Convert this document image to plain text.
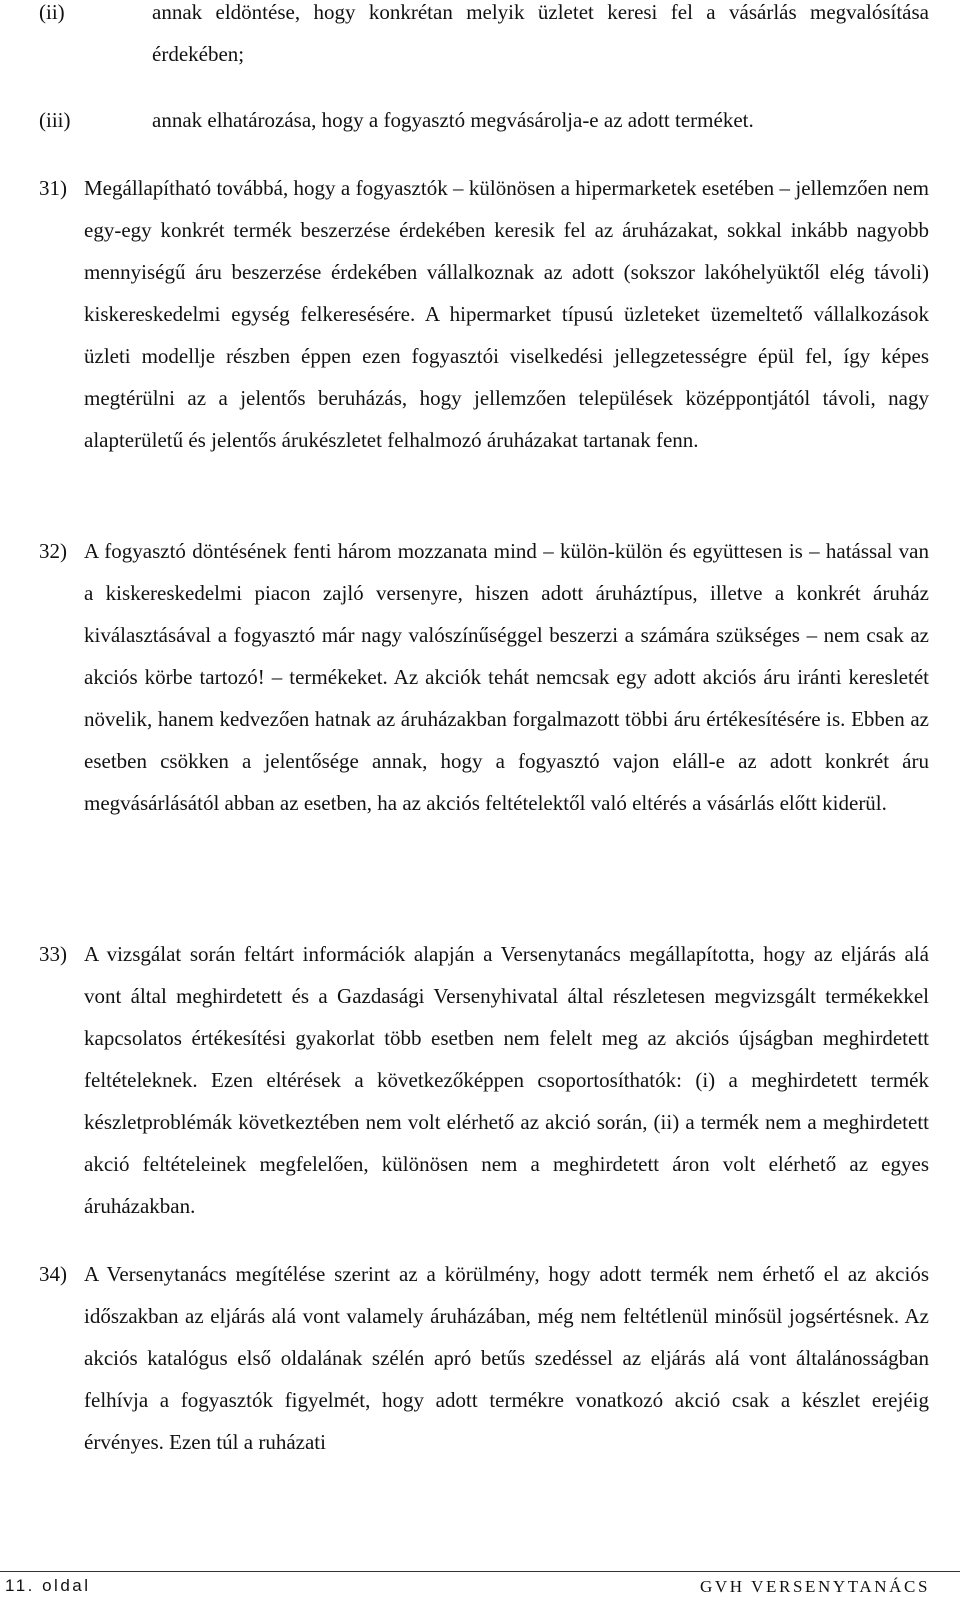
(ii)	annak eldöntése, hogy konkrétan melyik üzletet keresi fel a vásárlás megvalósítása érdekében;
(iii)	annak elhatározása, hogy a fogyasztó megvásárolja-e az adott terméket.
31) Megállapítható továbbá, hogy a fogyasztók – különösen a hipermarketek esetében – jellemzően nem egy-egy konkrét termék beszerzése érdekében keresik fel az áruházakat, sokkal inkább nagyobb mennyiségű áru beszerzése érdekében vállalkoznak az adott (sokszor lakóhelyüktől elég távoli) kiskereskedelmi egység felkeresésére. A hipermarket típusú üzleteket üzemeltető vállalkozások üzleti modellje részben éppen ezen fogyasztói viselkedési jellegzetességre épül fel, így képes megtérülni az a jelentős beruházás, hogy jellemzően települések középpontjától távoli, nagy alapterületű és jelentős árukészletet felhalmozó áruházakat tartanak fenn.
32) A fogyasztó döntésének fenti három mozzanata mind – külön-külön és együttesen is – hatással van a kiskereskedelmi piacon zajló versenyre, hiszen adott áruháztípus, illetve a konkrét áruház kiválasztásával a fogyasztó már nagy valószínűséggel beszerzi a számára szükséges – nem csak az akciós körbe tartozó! – termékeket. Az akciók tehát nemcsak egy adott akciós áru iránti keresletét növelik, hanem kedvezően hatnak az áruházakban forgalmazott többi áru értékesítésére is. Ebben az esetben csökken a jelentősége annak, hogy a fogyasztó vajon eláll-e az adott konkrét áru megvásárlásától abban az esetben, ha az akciós feltételektől való eltérés a vásárlás előtt kiderül.
33) A vizsgálat során feltárt információk alapján a Versenytanács megállapította, hogy az eljárás alá vont által meghirdetett és a Gazdasági Versenyhivatal által részletesen megvizsgált termékekkel kapcsolatos értékesítési gyakorlat több esetben nem felelt meg az akciós újságban meghirdetett feltételeknek. Ezen eltérések a következőképpen csoportosíthatók: (i) a meghirdetett termék készletproblémák következtében nem volt elérhető az akció során, (ii) a termék nem a meghirdetett akció feltételeinek megfelelően, különösen nem a meghirdetett áron volt elérhető az egyes áruházakban.
34) A Versenytanács megítélése szerint az a körülmény, hogy adott termék nem érhető el az akciós időszakban az eljárás alá vont valamely áruházában, még nem feltétlenül minősül jogsértésnek. Az akciós katalógus első oldalának szélén apró betűs szedéssel az eljárás alá vont általánosságban felhívja a fogyasztók figyelmét, hogy adott termékre vonatkozó akció csak a készlet erejéig érvényes. Ezen túl a ruházati
11. oldal	GVH VERSENYTANÁCS
